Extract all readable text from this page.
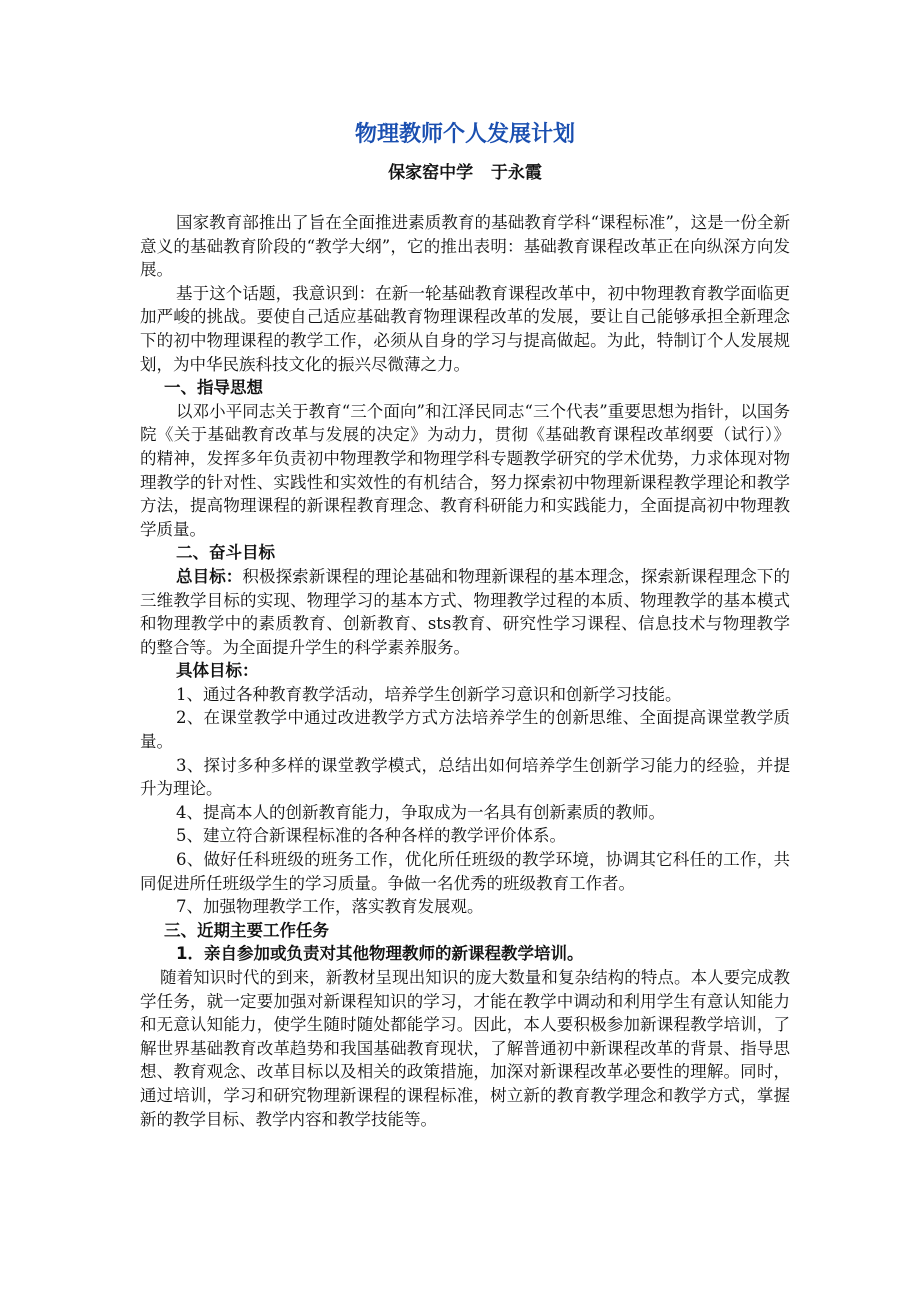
物理教师个人发展计划
保家窑中学   于永霞

国家教育部推出了旨在全面推进素质教育的基础教育学科“课程标准”，这是一份全新意义的基础教育阶段的“教学大纲”，它的推出表明：基础教育课程改革正在向纵深方向发展。

基于这个话题，我意识到：在新一轮基础教育课程改革中，初中物理教育教学面临更加严峻的挑战。要使自己适应基础教育物理课程改革的发展，要让自己能够承担全新理念下的初中物理课程的教学工作，必须从自身的学习与提高做起。为此，特制订个人发展规划，为中华民族科技文化的振兴尽微薄之力。

一、指导思想

以邓小平同志关于教育“三个面向”和江泽民同志“三个代表”重要思想为指针，以国务院《关于基础教育改革与发展的决定》为动力，贯彻《基础教育课程改革纲要（试行）》的精神，发挥多年负责初中物理教学和物理学科专题教学研究的学术优势，力求体现对物理教学的针对性、实践性和实效性的有机结合，努力探索初中物理新课程教学理论和教学方法，提高物理课程的新课程教育理念、教育科研能力和实践能力，全面提高初中物理教学质量。

二、奋斗目标

总目标：积极探索新课程的理论基础和物理新课程的基本理念，探索新课程理念下的三维教学目标的实现、物理学习的基本方式、物理教学过程的本质、物理教学的基本模式和物理教学中的素质教育、创新教育、sts教育、研究性学习课程、信息技术与物理教学的整合等。为全面提升学生的科学素养服务。

具体目标：

1、通过各种教育教学活动，培养学生创新学习意识和创新学习技能。

2、在课堂教学中通过改进教学方式方法培养学生的创新思维、全面提高课堂教学质量。

3、探讨多种多样的课堂教学模式，总结出如何培养学生创新学习能力的经验，并提升为理论。

4、提高本人的创新教育能力，争取成为一名具有创新素质的教师。

5、建立符合新课程标准的各种各样的教学评价体系。

6、做好任科班级的班务工作，优化所任班级的教学环境，协调其它科任的工作，共同促进所任班级学生的学习质量。争做一名优秀的班级教育工作者。

7、加强物理教学工作，落实教育发展观。

三、近期主要工作任务

1．亲自参加或负责对其他物理教师的新课程教学培训。

随着知识时代的到来，新教材呈现出知识的庞大数量和复杂结构的特点。本人要完成教学任务，就一定要加强对新课程知识的学习，才能在教学中调动和利用学生有意认知能力和无意认知能力，使学生随时随处都能学习。因此，本人要积极参加新课程教学培训，了解世界基础教育改革趋势和我国基础教育现状，了解普通初中新课程改革的背景、指导思想、教育观念、改革目标以及相关的政策措施，加深对新课程改革必要性的理解。同时，通过培训，学习和研究物理新课程的课程标准，树立新的教育教学理念和教学方式，掌握新的教学目标、教学内容和教学技能等。
